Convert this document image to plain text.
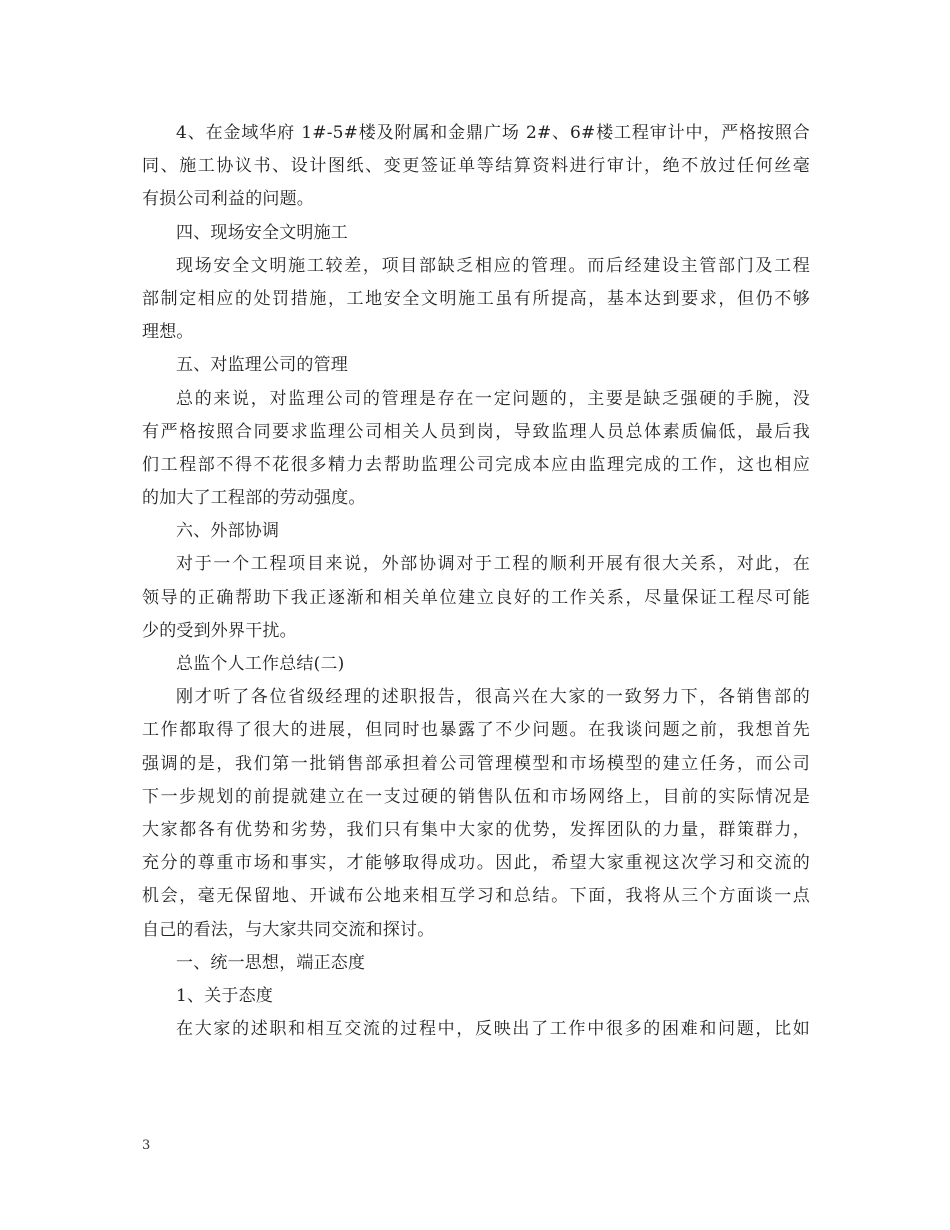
4、在金域华府 1#-5#楼及附属和金鼎广场 2#、6#楼工程审计中，严格按照合
同、施工协议书、设计图纸、变更签证单等结算资料进行审计，绝不放过任何丝毫
有损公司利益的问题。
四、现场安全文明施工
现场安全文明施工较差，项目部缺乏相应的管理。而后经建设主管部门及工程
部制定相应的处罚措施，工地安全文明施工虽有所提高，基本达到要求，但仍不够
理想。
五、对监理公司的管理
总的来说，对监理公司的管理是存在一定问题的，主要是缺乏强硬的手腕，没
有严格按照合同要求监理公司相关人员到岗，导致监理人员总体素质偏低，最后我
们工程部不得不花很多精力去帮助监理公司完成本应由监理完成的工作，这也相应
的加大了工程部的劳动强度。
六、外部协调
对于一个工程项目来说，外部协调对于工程的顺利开展有很大关系，对此，在
领导的正确帮助下我正逐渐和相关单位建立良好的工作关系，尽量保证工程尽可能
少的受到外界干扰。
总监个人工作总结(二)
刚才听了各位省级经理的述职报告，很高兴在大家的一致努力下，各销售部的
工作都取得了很大的进展，但同时也暴露了不少问题。在我谈问题之前，我想首先
强调的是，我们第一批销售部承担着公司管理模型和市场模型的建立任务，而公司
下一步规划的前提就建立在一支过硬的销售队伍和市场网络上，目前的实际情况是
大家都各有优势和劣势，我们只有集中大家的优势，发挥团队的力量，群策群力，
充分的尊重市场和事实，才能够取得成功。因此，希望大家重视这次学习和交流的
机会，毫无保留地、开诚布公地来相互学习和总结。下面，我将从三个方面谈一点
自己的看法，与大家共同交流和探讨。
一、统一思想，端正态度
1、关于态度
在大家的述职和相互交流的过程中，反映出了工作中很多的困难和问题，比如
3
